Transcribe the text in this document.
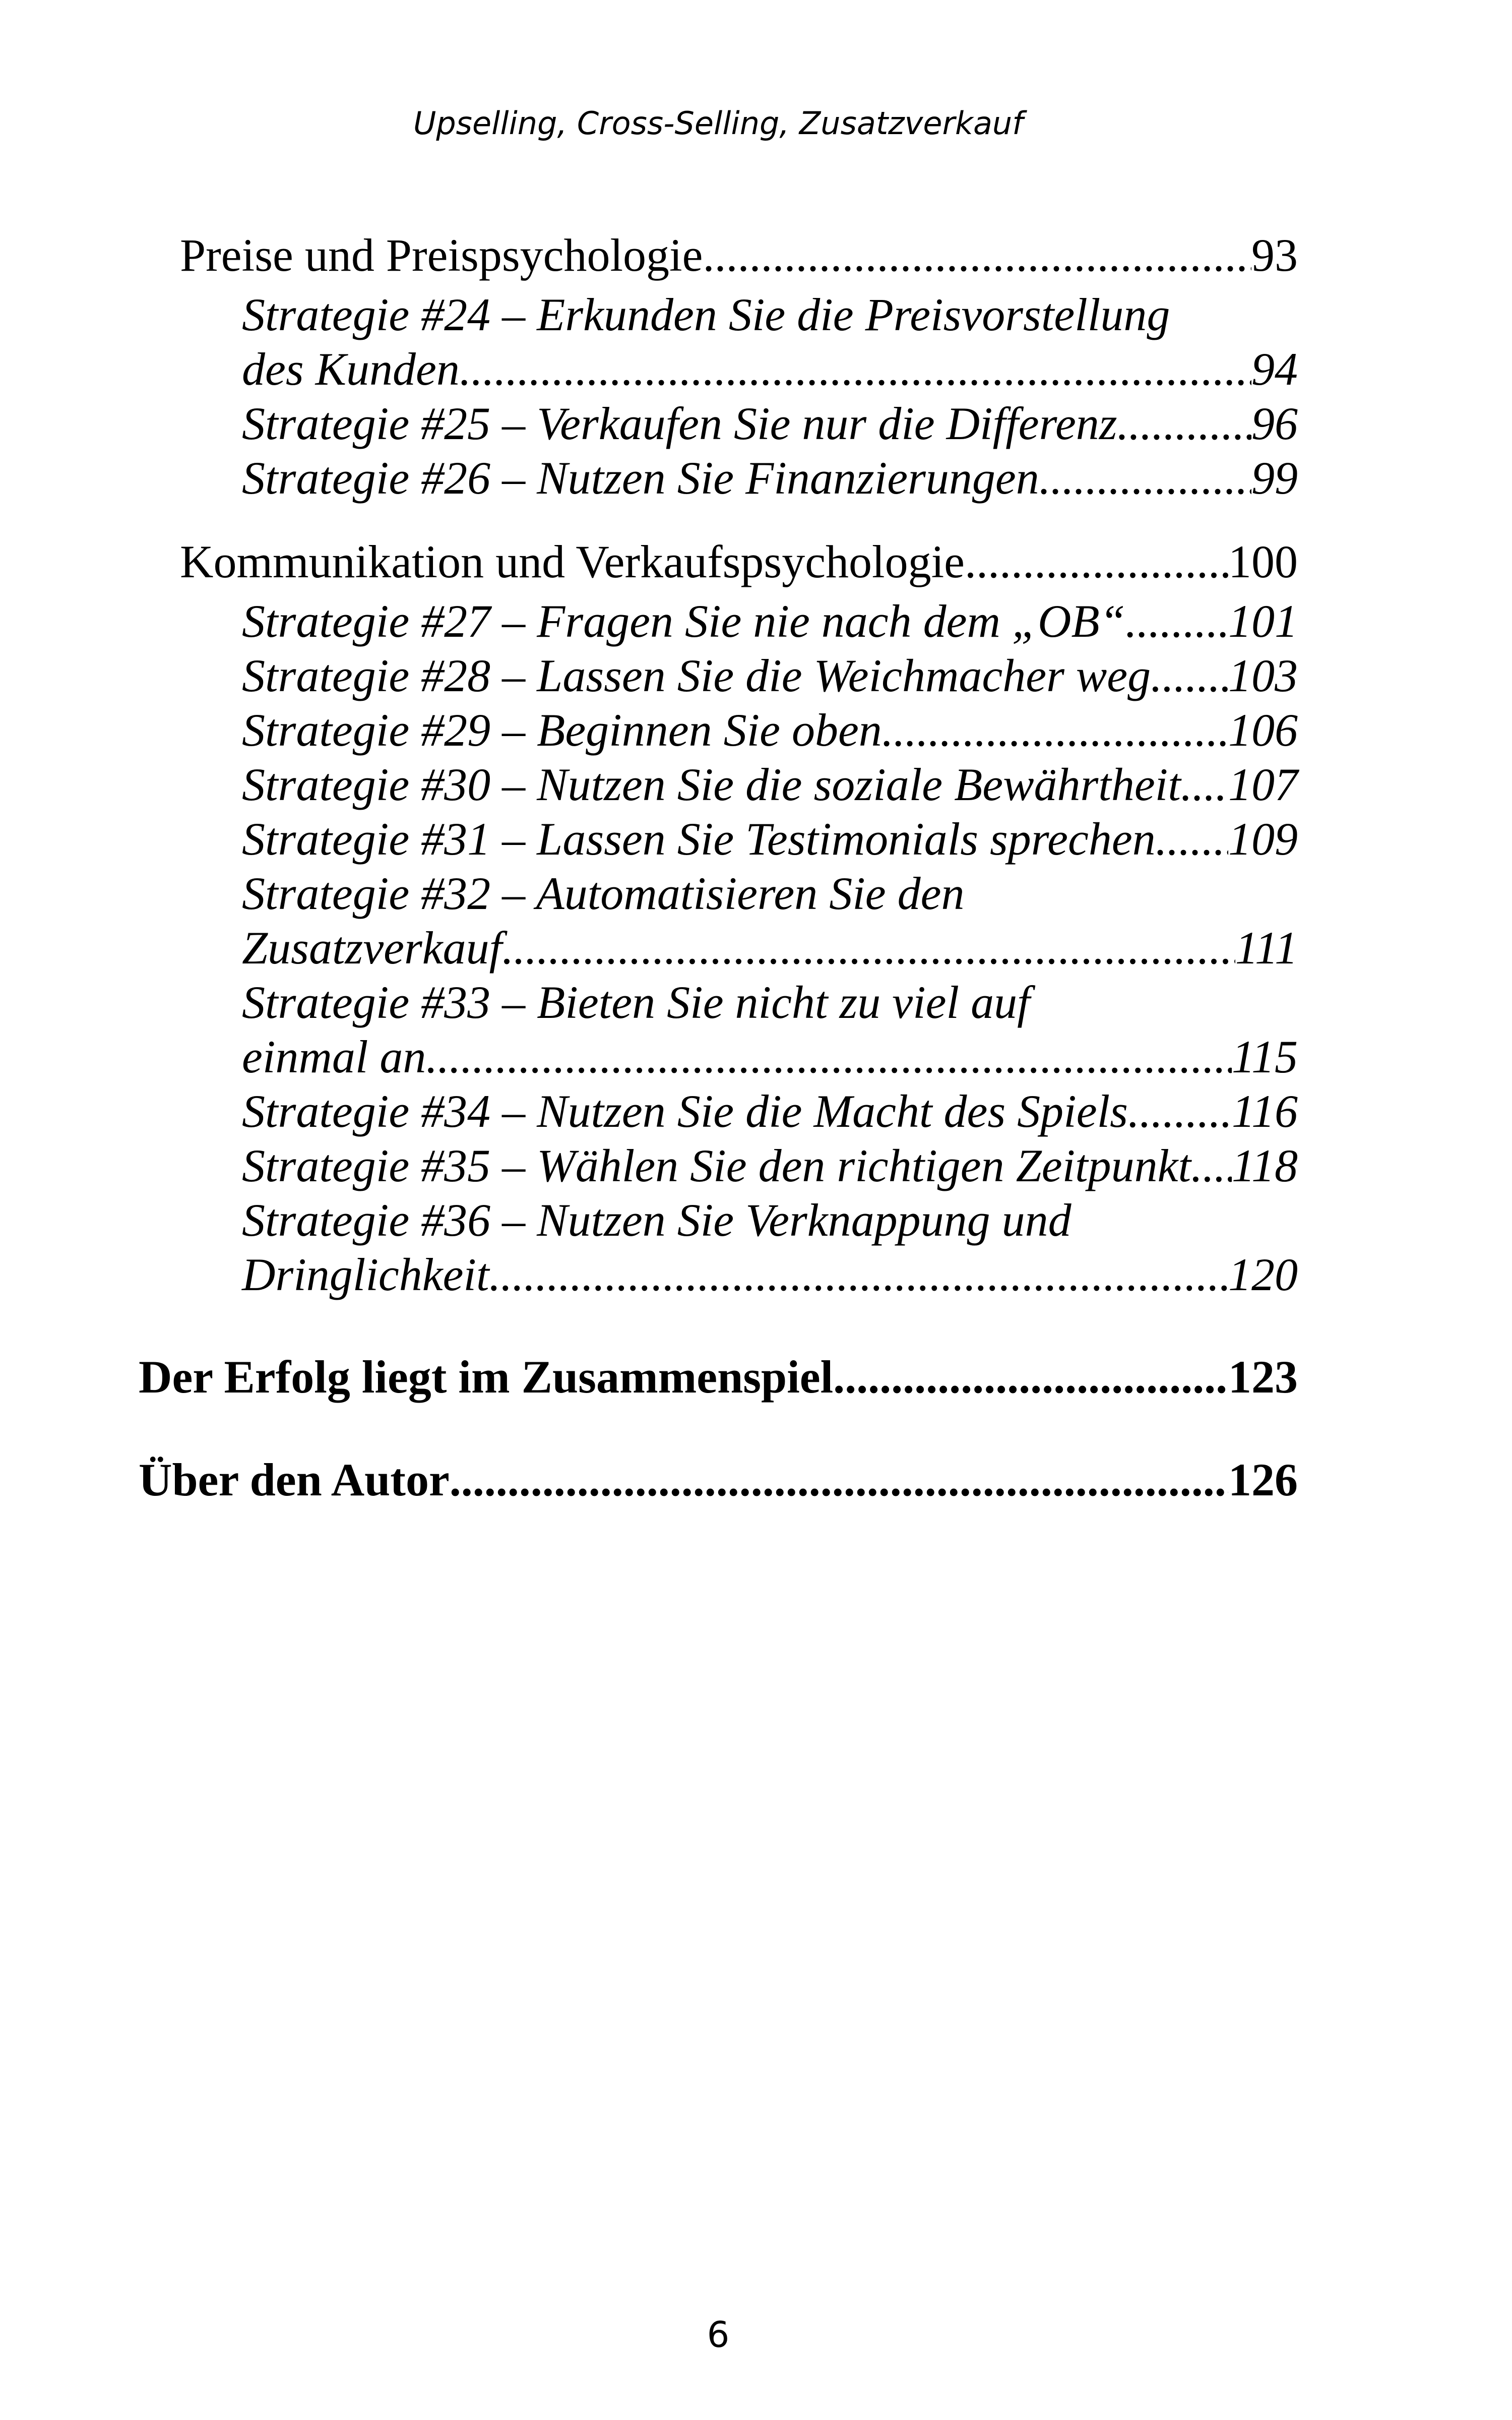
Upselling, Cross-Selling, Zusatzverkauf
Preise und Preispsychologie .....	93
Strategie #24 – Erkunden Sie die Preisvorstellung
des Kunden .....	94
Strategie #25 – Verkaufen Sie nur die Differenz .....	96
Strategie #26 – Nutzen Sie Finanzierungen .....	99
Kommunikation und Verkaufspsychologie .....	100
Strategie #27 – Fragen Sie nie nach dem „OB“ ..... 101
Strategie #28 – Lassen Sie die Weichmacher weg ..... 103
Strategie #29 – Beginnen Sie oben .....	106
Strategie #30 – Nutzen Sie die soziale Bewährtheit ..... 107
Strategie #31 – Lassen Sie Testimonials sprechen ..... 109
Strategie #32 – Automatisieren Sie den
Zusatzverkauf .....	111
Strategie #33 – Bieten Sie nicht zu viel auf
einmal an .....	115
Strategie #34 – Nutzen Sie die Macht des Spiels ..... 116
Strategie #35 – Wählen Sie den richtigen Zeitpunkt ..... 118
Strategie #36 – Nutzen Sie Verknappung und
Dringlichkeit .....	120
Der Erfolg liegt im Zusammenspiel .....	123
Über den Autor .....	126
6
